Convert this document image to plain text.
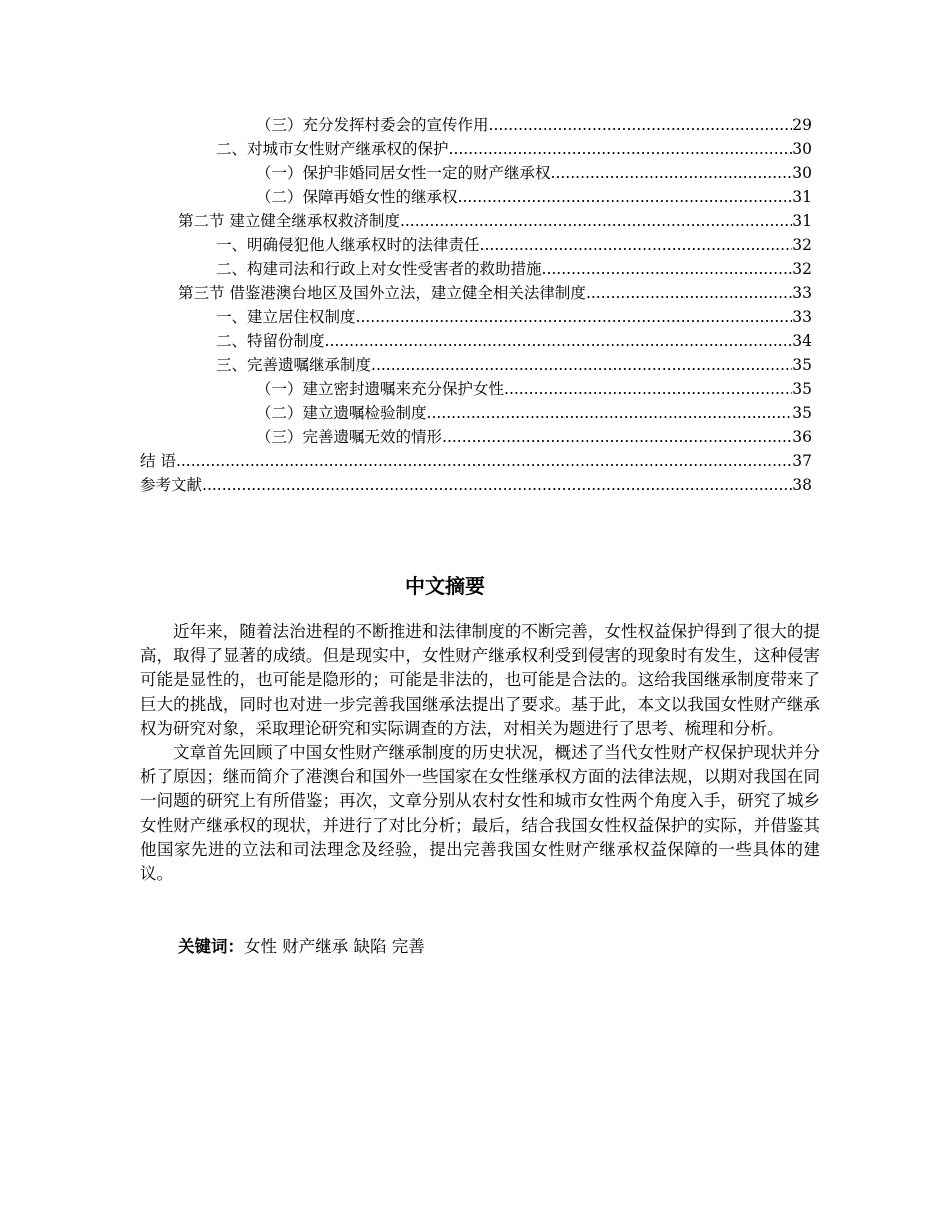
（三）充分发挥村委会的宣传作用 .....	29
二、对城市女性财产继承权的保护 .....	30
（一）保护非婚同居女性一定的财产继承权 .....	30
（二）保障再婚女性的继承权 .....	31
第二节 建立健全继承权救济制度 .....	31
一、明确侵犯他人继承权时的法律责任 .....	32
二、构建司法和行政上对女性受害者的救助措施 .....	32
第三节 借鉴港澳台地区及国外立法，建立健全相关法律制度 .....	33
一、建立居住权制度 .....	33
二、特留份制度 .....	34
三、完善遗嘱继承制度 .....	35
（一）建立密封遗嘱来充分保护女性 .....	35
（二）建立遗嘱检验制度 .....	35
（三）完善遗嘱无效的情形 .....	36
结 语 .....	37
参考文献 .....	38
中文摘要

近年来，随着法治进程的不断推进和法律制度的不断完善，女性权益保护得到了很大的提高，取得了显著的成绩。但是现实中，女性财产继承权利受到侵害的现象时有发生，这种侵害可能是显性的，也可能是隐形的；可能是非法的，也可能是合法的。这给我国继承制度带来了巨大的挑战，同时也对进一步完善我国继承法提出了要求。基于此，本文以我国女性财产继承权为研究对象，采取理论研究和实际调查的方法，对相关为题进行了思考、梳理和分析。

文章首先回顾了中国女性财产继承制度的历史状况，概述了当代女性财产权保护现状并分析了原因；继而简介了港澳台和国外一些国家在女性继承权方面的法律法规，以期对我国在同一问题的研究上有所借鉴；再次，文章分别从农村女性和城市女性两个角度入手，研究了城乡女性财产继承权的现状，并进行了对比分析；最后，结合我国女性权益保护的实际，并借鉴其他国家先进的立法和司法理念及经验，提出完善我国女性财产继承权益保障的一些具体的建议。

关键词：女性 财产继承 缺陷 完善
